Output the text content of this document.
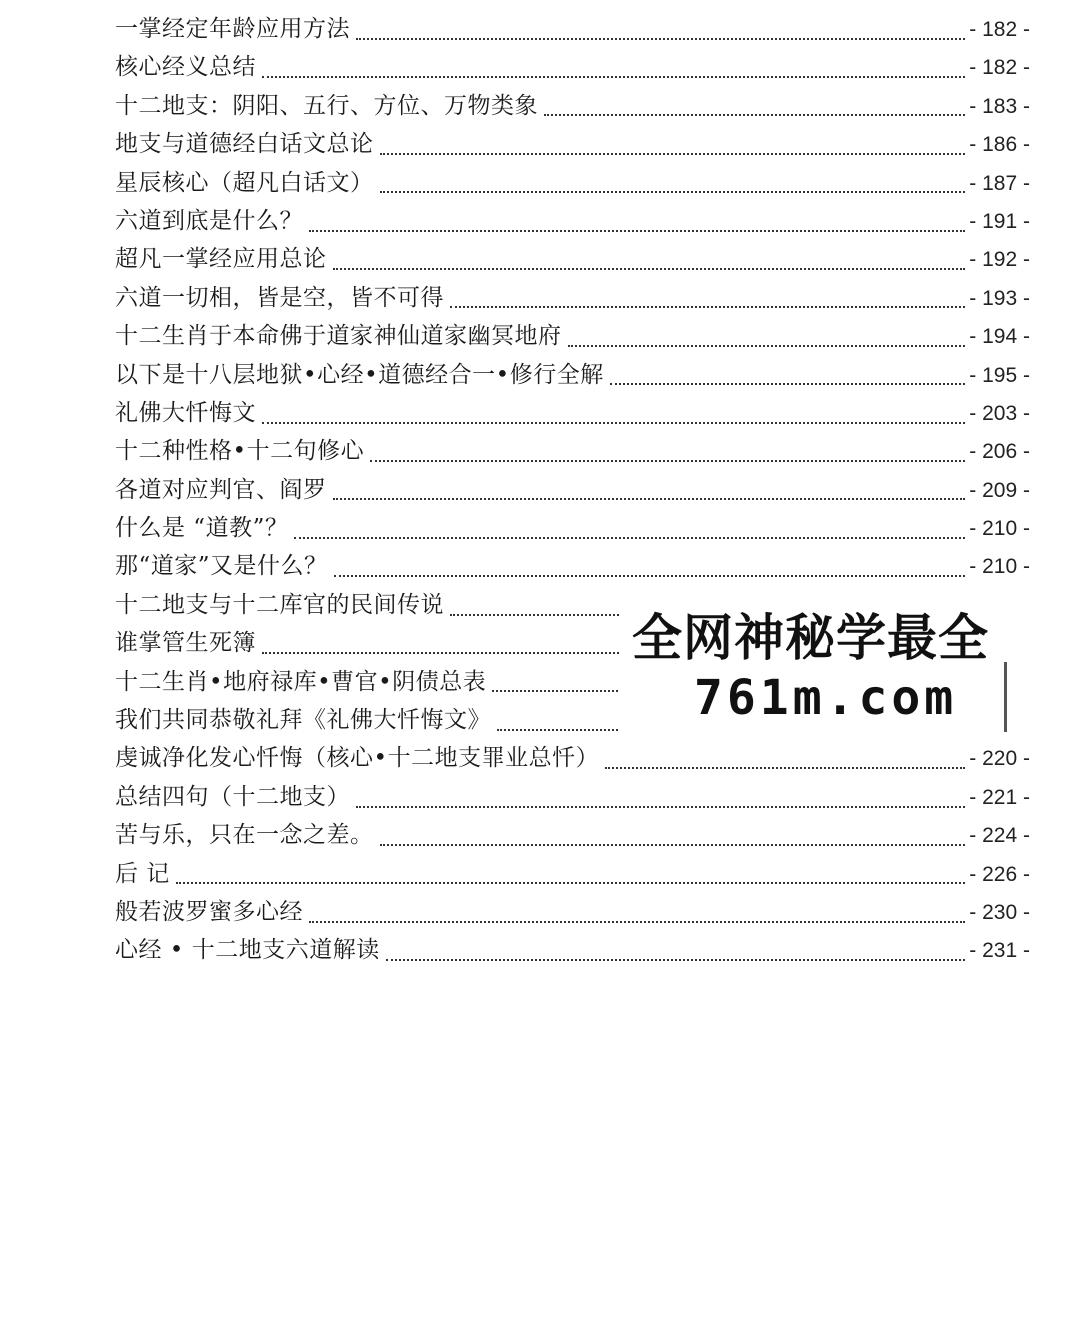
一掌经定年龄应用方法	- 182 -
核心经义总结	- 182 -
十二地支：阴阳、五行、方位、万物类象	- 183 -
地支与道德经白话文总论	- 186 -
星辰核心（超凡白话文）	- 187 -
六道到底是什么？	- 191 -
超凡一掌经应用总论	- 192 -
六道一切相，皆是空，皆不可得	- 193 -
十二生肖于本命佛于道家神仙道家幽冥地府	- 194 -
以下是十八层地狱•心经•道德经合一•修行全解	- 195 -
礼佛大忏悔文	- 203 -
十二种性格•十二句修心	- 206 -
各道对应判官、阎罗	- 209 -
什么是 “道教”？	- 210 -
那“道家”又是什么？	- 210 -
十二地支与十二库官的民间传说
谁掌管生死簿
十二生肖•地府禄库•曹官•阴债总表
我们共同恭敬礼拜《礼佛大忏悔文》
虔诚净化发心忏悔（核心•十二地支罪业总忏）	- 220 -
总结四句（十二地支）	- 221 -
苦与乐，只在一念之差。	- 224 -
后 记	- 226 -
般若波罗蜜多心经	- 230 -
心经 • 十二地支六道解读	- 231 -
全网神秘学最全
761m.com
